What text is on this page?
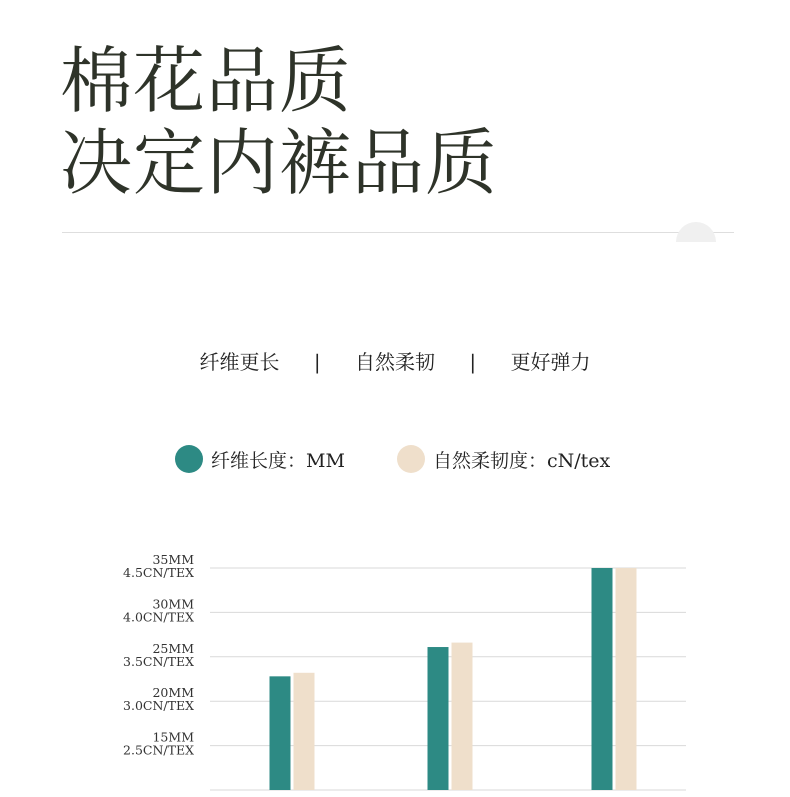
棉花品质
决定内裤品质
纤维更长 | 自然柔韧 | 更好弹力
纤维长度：MM	自然柔韧度：cN/tex
15MM
2.5CN/TEX
20MM
3.0CN/TEX
25MM
3.5CN/TEX
30MM
4.0CN/TEX
35MM
4.5CN/TEX
